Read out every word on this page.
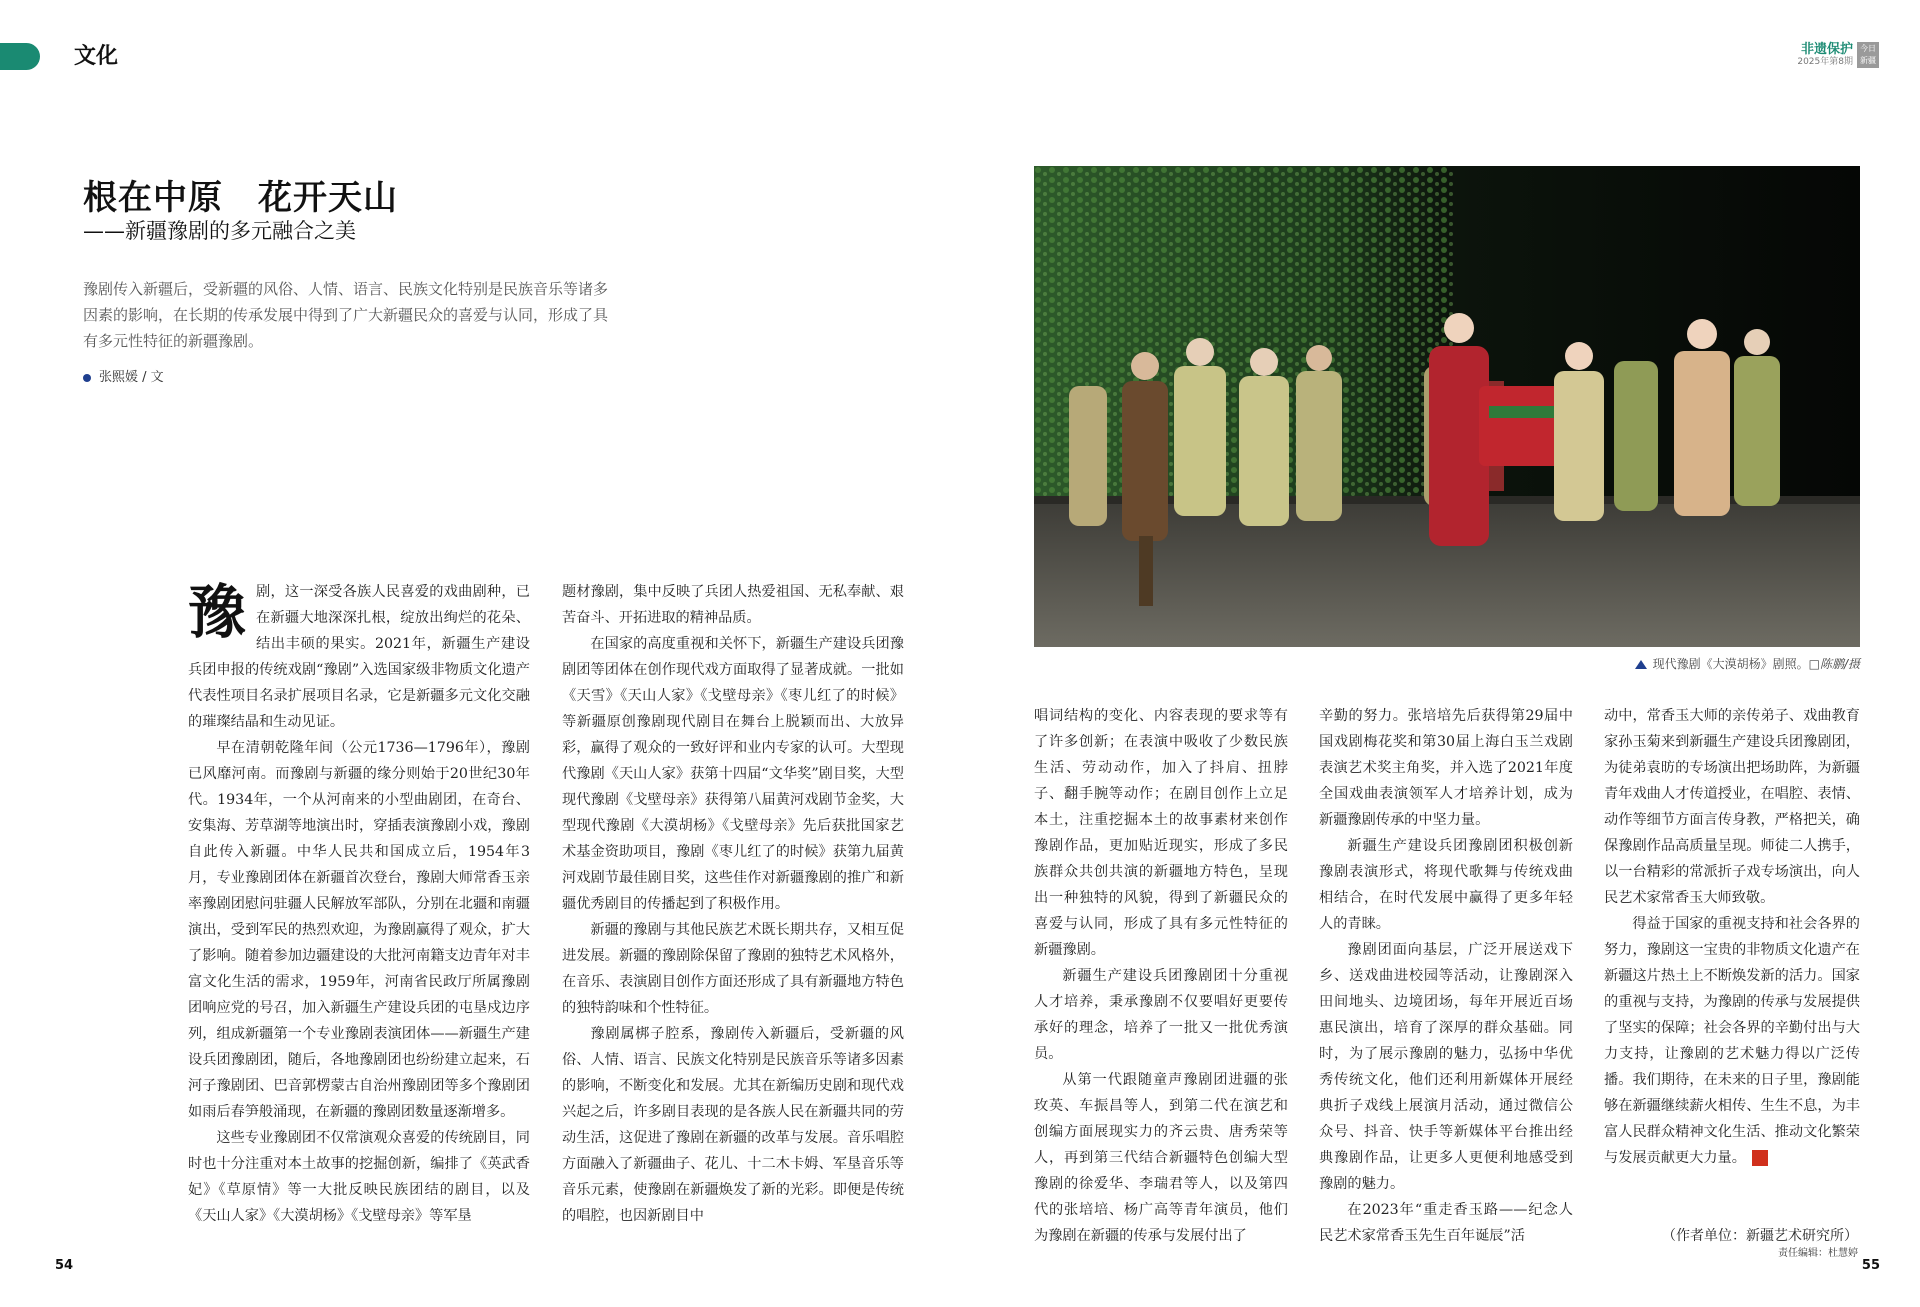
文化	非遗保护
2025年第8期
今日新疆
根在中原　花开天山
——新疆豫剧的多元融合之美
豫剧传入新疆后，受新疆的风俗、人情、语言、民族文化特别是民族音乐等诸多因素的影响，在长期的传承发展中得到了广大新疆民众的喜爱与认同，形成了具有多元性特征的新疆豫剧。
张熙媛 / 文
豫 剧，这一深受各族人民喜爱的戏曲剧种，已在新疆大地深深扎根，绽放出绚烂的花朵、结出丰硕的果实。2021年，新疆生产建设兵团申报的传统戏剧“豫剧”入选国家级非物质文化遗产代表性项目名录扩展项目名录，它是新疆多元文化交融的璀璨结晶和生动见证。

早在清朝乾隆年间（公元1736—1796年），豫剧已风靡河南。而豫剧与新疆的缘分则始于20世纪30年代。1934年，一个从河南来的小型曲剧团，在奇台、安集海、芳草湖等地演出时，穿插表演豫剧小戏，豫剧自此传入新疆。中华人民共和国成立后，1954年3月，专业豫剧团体在新疆首次登台，豫剧大师常香玉亲率豫剧团慰问驻疆人民解放军部队，分别在北疆和南疆演出，受到军民的热烈欢迎，为豫剧赢得了观众，扩大了影响。随着参加边疆建设的大批河南籍支边青年对丰富文化生活的需求，1959年，河南省民政厅所属豫剧团响应党的号召，加入新疆生产建设兵团的屯垦戍边序列，组成新疆第一个专业豫剧表演团体——新疆生产建设兵团豫剧团，随后，各地豫剧团也纷纷建立起来，石河子豫剧团、巴音郭楞蒙古自治州豫剧团等多个豫剧团如雨后春笋般涌现，在新疆的豫剧团数量逐渐增多。

这些专业豫剧团不仅常演观众喜爱的传统剧目，同时也十分注重对本土故事的挖掘创新，编排了《英武香妃》《草原情》等一大批反映民族团结的剧目，以及《天山人家》《大漠胡杨》《戈壁母亲》等军垦

题材豫剧，集中反映了兵团人热爱祖国、无私奉献、艰苦奋斗、开拓进取的精神品质。

在国家的高度重视和关怀下，新疆生产建设兵团豫剧团等团体在创作现代戏方面取得了显著成就。一批如《天雪》《天山人家》《戈壁母亲》《枣儿红了的时候》等新疆原创豫剧现代剧目在舞台上脱颖而出、大放异彩，赢得了观众的一致好评和业内专家的认可。大型现代豫剧《天山人家》获第十四届“文华奖”剧目奖，大型现代豫剧《戈壁母亲》获得第八届黄河戏剧节金奖，大型现代豫剧《大漠胡杨》《戈壁母亲》先后获批国家艺术基金资助项目，豫剧《枣儿红了的时候》获第九届黄河戏剧节最佳剧目奖，这些佳作对新疆豫剧的推广和新疆优秀剧目的传播起到了积极作用。

新疆的豫剧与其他民族艺术既长期共存，又相互促进发展。新疆的豫剧除保留了豫剧的独特艺术风格外，在音乐、表演剧目创作方面还形成了具有新疆地方特色的独特韵味和个性特征。

豫剧属梆子腔系，豫剧传入新疆后，受新疆的风俗、人情、语言、民族文化特别是民族音乐等诸多因素的影响，不断变化和发展。尤其在新编历史剧和现代戏兴起之后，许多剧目表现的是各族人民在新疆共同的劳动生活，这促进了豫剧在新疆的改革与发展。音乐唱腔方面融入了新疆曲子、花儿、十二木卡姆、军垦音乐等音乐元素，使豫剧在新疆焕发了新的光彩。即便是传统的唱腔，也因新剧目中

现代豫剧《大漠胡杨》剧照。□陈鹏/摄

唱词结构的变化、内容表现的要求等有了许多创新；在表演中吸收了少数民族生活、劳动动作，加入了抖肩、扭脖子、翻手腕等动作；在剧目创作上立足本土，注重挖掘本土的故事素材来创作豫剧作品，更加贴近现实，形成了多民族群众共创共演的新疆地方特色，呈现出一种独特的风貌，得到了新疆民众的喜爱与认同，形成了具有多元性特征的新疆豫剧。

新疆生产建设兵团豫剧团十分重视人才培养，秉承豫剧不仅要唱好更要传承好的理念，培养了一批又一批优秀演员。

从第一代跟随童声豫剧团进疆的张玫英、车振昌等人，到第二代在演艺和创编方面展现实力的齐云贵、唐秀荣等人，再到第三代结合新疆特色创编大型豫剧的徐爱华、李瑞君等人，以及第四代的张培培、杨广高等青年演员，他们为豫剧在新疆的传承与发展付出了

辛勤的努力。张培培先后获得第29届中国戏剧梅花奖和第30届上海白玉兰戏剧表演艺术奖主角奖，并入选了2021年度全国戏曲表演领军人才培养计划，成为新疆豫剧传承的中坚力量。

新疆生产建设兵团豫剧团积极创新豫剧表演形式，将现代歌舞与传统戏曲相结合，在时代发展中赢得了更多年轻人的青睐。

豫剧团面向基层，广泛开展送戏下乡、送戏曲进校园等活动，让豫剧深入田间地头、边境团场，每年开展近百场惠民演出，培育了深厚的群众基础。同时，为了展示豫剧的魅力，弘扬中华优秀传统文化，他们还利用新媒体开展经典折子戏线上展演月活动，通过微信公众号、抖音、快手等新媒体平台推出经典豫剧作品，让更多人更便利地感受到豫剧的魅力。

在2023年“重走香玉路——纪念人民艺术家常香玉先生百年诞辰”活

动中，常香玉大师的亲传弟子、戏曲教育家孙玉菊来到新疆生产建设兵团豫剧团，为徒弟袁昉的专场演出把场助阵，为新疆青年戏曲人才传道授业，在唱腔、表情、动作等细节方面言传身教，严格把关，确保豫剧作品高质量呈现。师徒二人携手，以一台精彩的常派折子戏专场演出，向人民艺术家常香玉大师致敬。

得益于国家的重视支持和社会各界的努力，豫剧这一宝贵的非物质文化遗产在新疆这片热土上不断焕发新的活力。国家的重视与支持，为豫剧的传承与发展提供了坚实的保障；社会各界的辛勤付出与大力支持，让豫剧的艺术魅力得以广泛传播。我们期待，在未来的日子里，豫剧能够在新疆继续薪火相传、生生不息，为丰富人民群众精神文化生活、推动文化繁荣与发展贡献更大力量。

（作者单位：新疆艺术研究所）
责任编辑：杜慧婷
54	55
